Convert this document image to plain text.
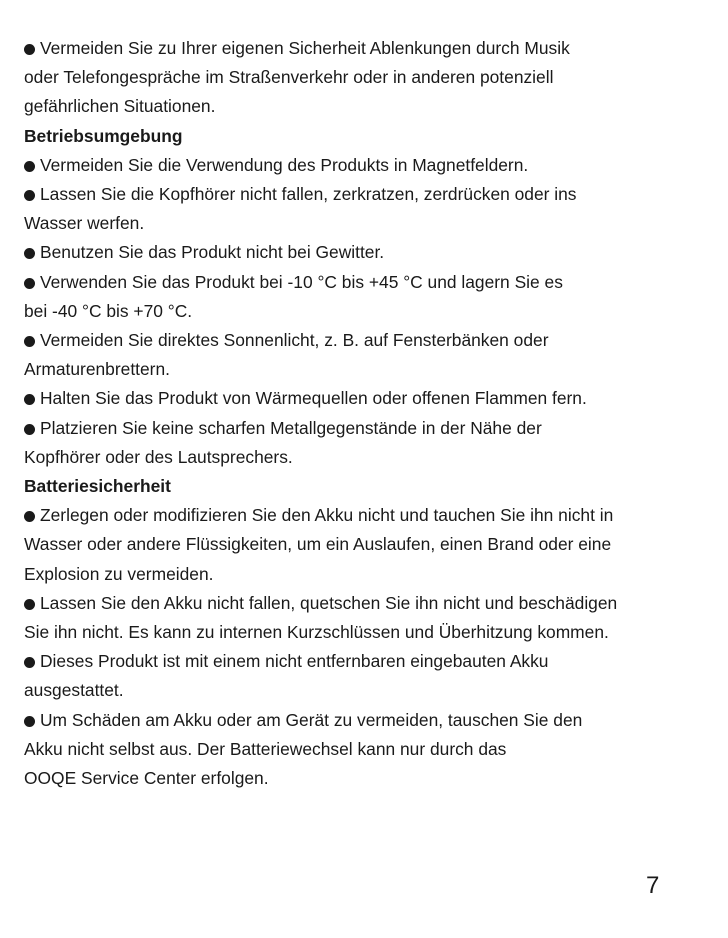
Vermeiden Sie zu Ihrer eigenen Sicherheit Ablenkungen durch Musik
oder Telefongespräche im Straßenverkehr oder in anderen potenziell
gefährlichen Situationen.
Betriebsumgebung
Vermeiden Sie die Verwendung des Produkts in Magnetfeldern.
Lassen Sie die Kopfhörer nicht fallen, zerkratzen, zerdrücken oder ins
Wasser werfen.
Benutzen Sie das Produkt nicht bei Gewitter.
Verwenden Sie das Produkt bei -10 °C bis +45 °C und lagern Sie es
bei -40 °C bis +70 °C.
Vermeiden Sie direktes Sonnenlicht, z. B. auf Fensterbänken oder
Armaturenbrettern.
Halten Sie das Produkt von Wärmequellen oder offenen Flammen fern.
Platzieren Sie keine scharfen Metallgegenstände in der Nähe der
Kopfhörer oder des Lautsprechers.
Batteriesicherheit
Zerlegen oder modifizieren Sie den Akku nicht und tauchen Sie ihn nicht in
Wasser oder andere Flüssigkeiten, um ein Auslaufen, einen Brand oder eine
Explosion zu vermeiden.
Lassen Sie den Akku nicht fallen, quetschen Sie ihn nicht und beschädigen
Sie ihn nicht. Es kann zu internen Kurzschlüssen und Überhitzung kommen.
Dieses Produkt ist mit einem nicht entfernbaren eingebauten Akku
ausgestattet.
Um Schäden am Akku oder am Gerät zu vermeiden, tauschen Sie den
Akku nicht selbst aus. Der Batteriewechsel kann nur durch das
OOQE Service Center erfolgen.
7
